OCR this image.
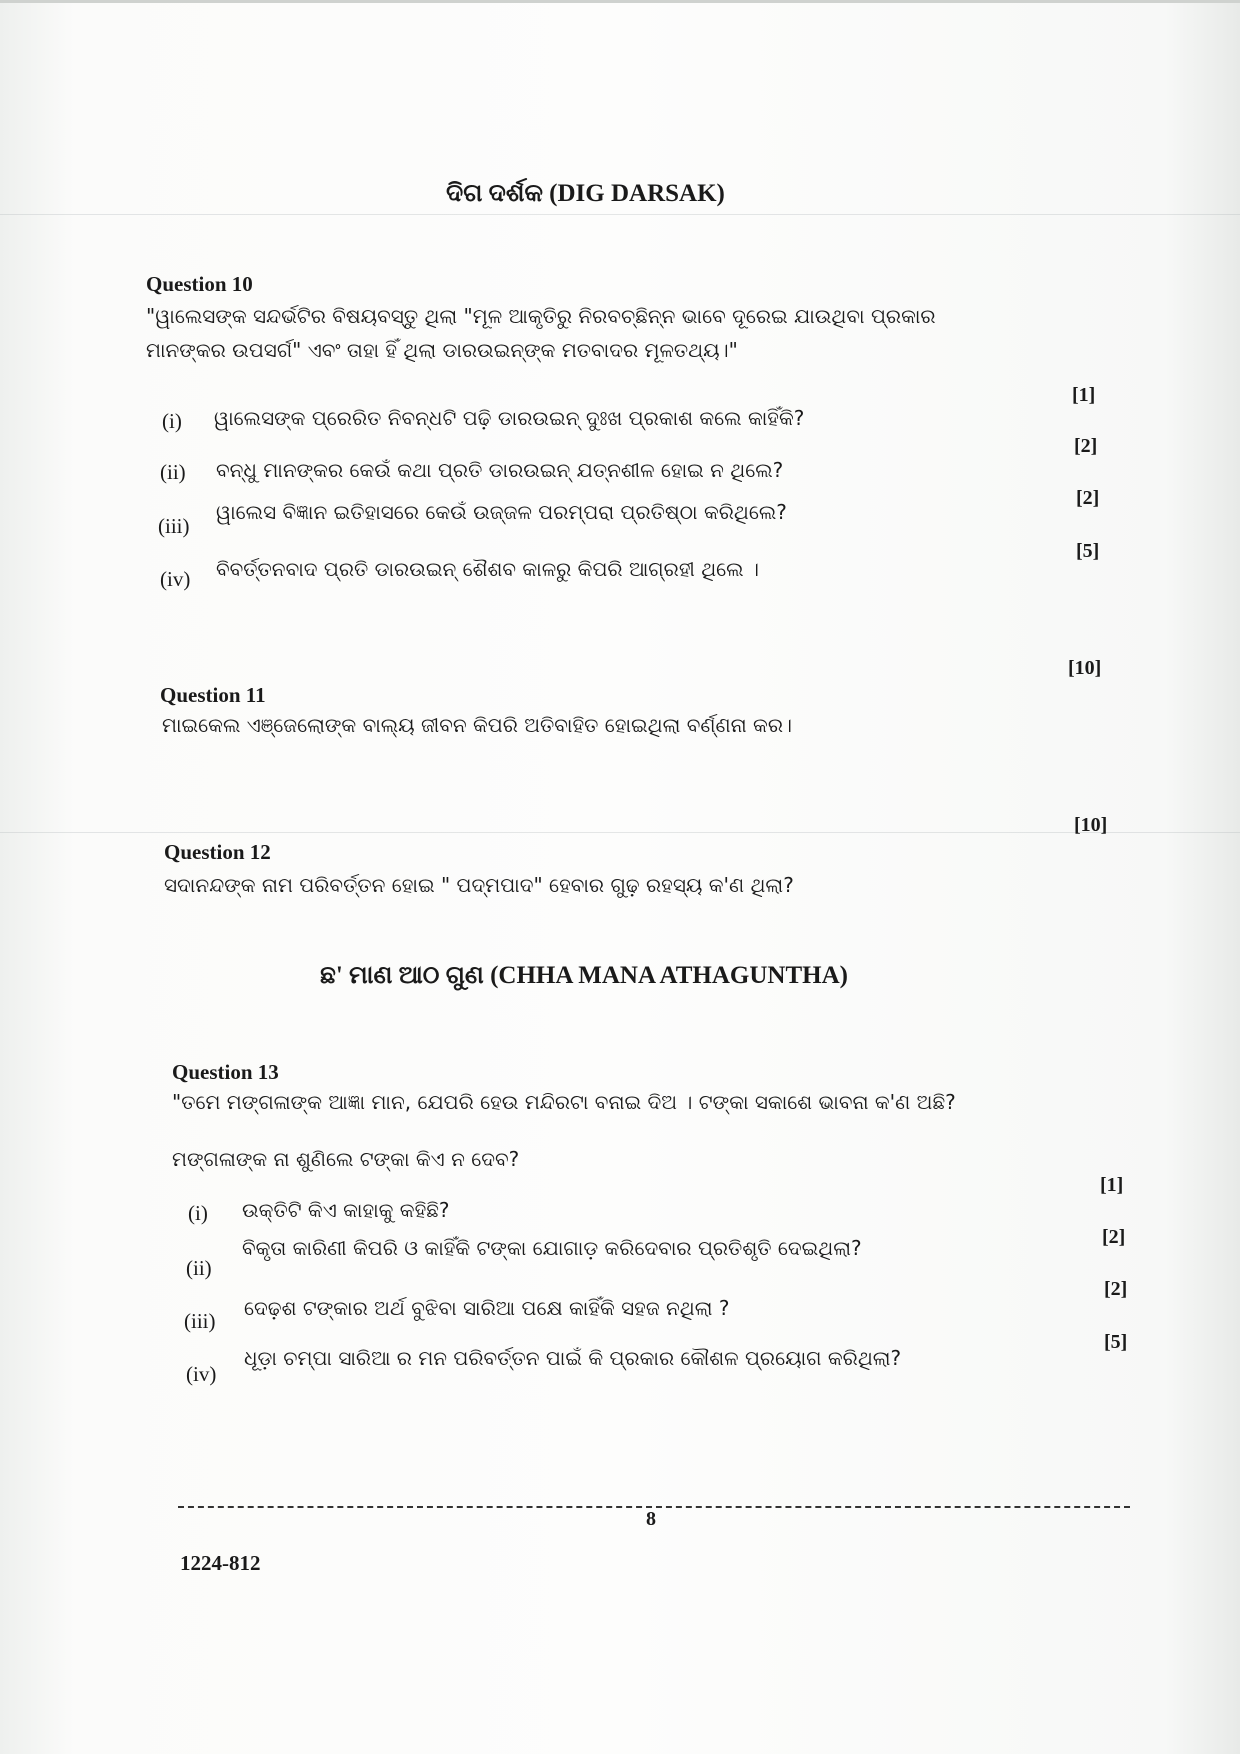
ଦିଗ ଦର୍ଶକ (DIG DARSAK)
Question 10
"ୱାଲେସଙ୍କ ସନ୍ଦର୍ଭଟିର ବିଷୟବସ୍ତୁ ଥିଲା "ମୂଳ ଆକୃତିରୁ ନିରବଚ୍ଛିନ୍ନ ଭାବେ ଦୂରେଇ ଯାଉଥିବା ପ୍ରକାର
ମାନଙ୍କର ଉପସର୍ଗ" ଏବଂ ତାହା ହିଁ ଥିଲା ଡାରଉଇନ୍‌ଙ୍କ ମତବାଦର ମୂଳତଥ୍ୟ।"
(i) ୱାଲେସଙ୍କ ପ୍ରେରିତ ନିବନ୍ଧଟି ପଢ଼ି ଡାରଉଇନ୍ ଦୁଃଖ ପ୍ରକାଶ କଲେ କାହିଁକି?
[1]
(ii) ବନ୍ଧୁ ମାନଙ୍କର କେଉଁ କଥା ପ୍ରତି ଡାରଉଇନ୍ ଯତ୍ନଶୀଳ ହୋଇ ନ ଥିଲେ?
[2]
(iii)
ୱାଲେସ ବିଜ୍ଞାନ ଇତିହାସରେ କେଉଁ ଉଜ୍ଜଳ ପରମ୍ପରା ପ୍ରତିଷ୍ଠା କରିଥିଲେ?
[2]
(iv) ବିବର୍ତ୍ତନବାଦ ପ୍ରତି ଡାରଉଇନ୍ ଶୈଶବ କାଳରୁ କିପରି ଆଗ୍ରହୀ ଥିଲେ ।
[5]
[10]
Question 11
ମାଇକେଲ ଏଞ୍ଜେଲୋଙ୍କ ବାଲ୍ୟ ଜୀବନ କିପରି ଅତିବାହିତ ହୋଇଥିଲା ବର୍ଣ୍ଣନା କର।
[10]
Question 12
ସଦାନନ୍ଦଙ୍କ ନାମ ପରିବର୍ତ୍ତନ ହୋଇ " ପଦ୍ମପାଦ" ହେବାର ଗୁଢ଼ ରହସ୍ୟ କ'ଣ ଥିଲା?
ଛ' ମାଣ ଆଠ ଗୁଣ (CHHA MANA ATHAGUNTHA)
Question 13
"ତମେ ମଙ୍ଗଳାଙ୍କ ଆଜ୍ଞା ମାନ, ଯେପରି ହେଉ ମନ୍ଦିରଟା ବନାଇ ଦିଅ । ଟଙ୍କା ସକାଶେ ଭାବନା କ'ଣ ଅଛି?
ମଙ୍ଗଳାଙ୍କ ନା ଶୁଣିଲେ ଟଙ୍କା କିଏ ନ ଦେବ?
(i) ଉକ୍ତିଟି କିଏ କାହାକୁ କହିଛି?
[1]
(ii)
ବିକୃତା କାରିଣୀ କିପରି ଓ କାହିଁକି ଟଙ୍କା ଯୋଗାଡ଼ କରିଦେବାର ପ୍ରତିଶୃତି ଦେଇଥିଲା?	[2]
(iii)
ଦେଢ଼ଶ ଟଙ୍କାର ଅର୍ଥ ବୁଝିବା ସାରିଆ ପକ୍ଷେ କାହିଁକି ସହଜ ନଥିଲା ?
[2]
(iv)
ଧୂଡ଼ା ଚମ୍ପା ସାରିଆ ର ମନ ପରିବର୍ତ୍ତନ ପାଇଁ କି ପ୍ରକାର କୌଶଳ ପ୍ରୟୋଗ କରିଥିଲା?
[5]
8
1224-812
